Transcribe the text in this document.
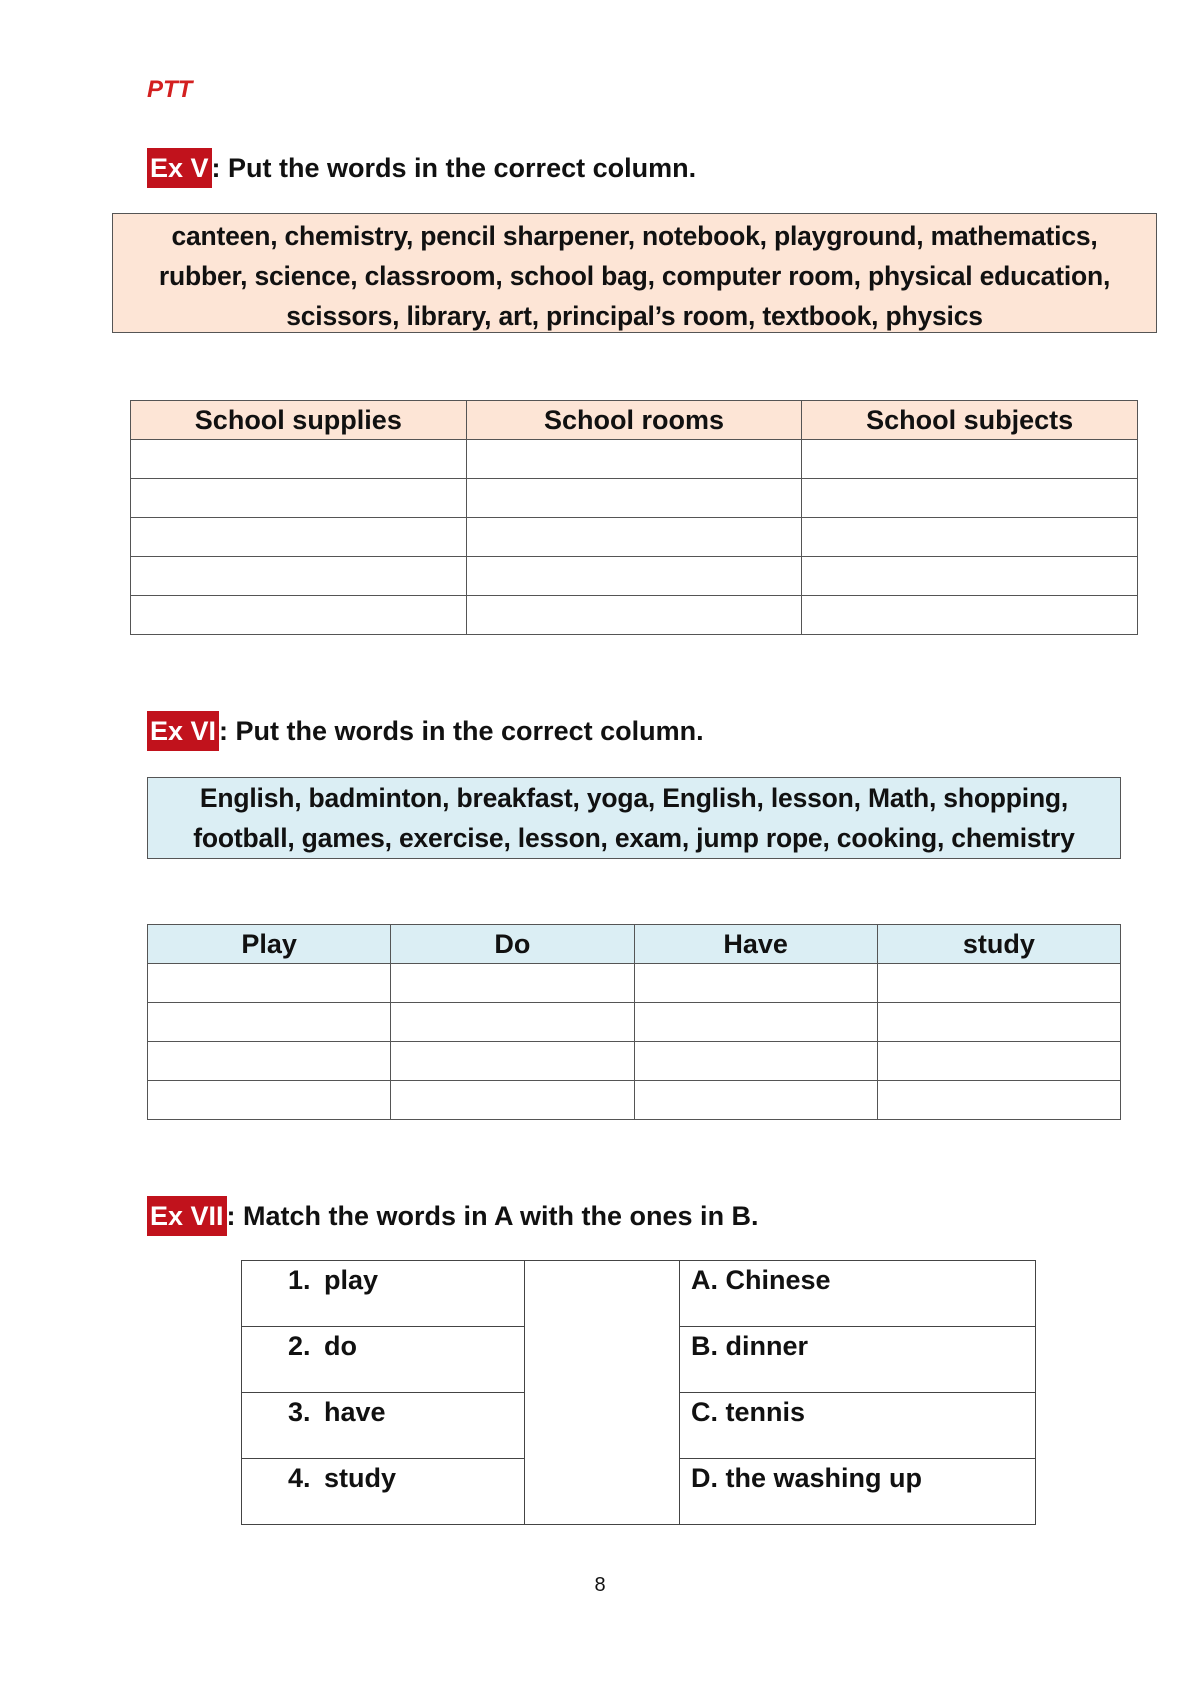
PTT
Ex V : Put the words in the correct column.
canteen, chemistry, pencil sharpener, notebook, playground, mathematics,
rubber, science, classroom, school bag, computer room, physical education,
scissors, library, art, principal’s room, textbook, physics
School supplies	School rooms	School subjects

Ex VI : Put the words in the correct column.
English, badminton, breakfast, yoga, English, lesson, Math, shopping,
football, games, exercise, lesson, exam, jump rope, cooking, chemistry
Play	Do	Have	study

Ex VII : Match the words in A with the ones in B.
1. play		A. Chinese
2. do		B. dinner
3. have		C. tennis
4. study		D. the washing up
8
